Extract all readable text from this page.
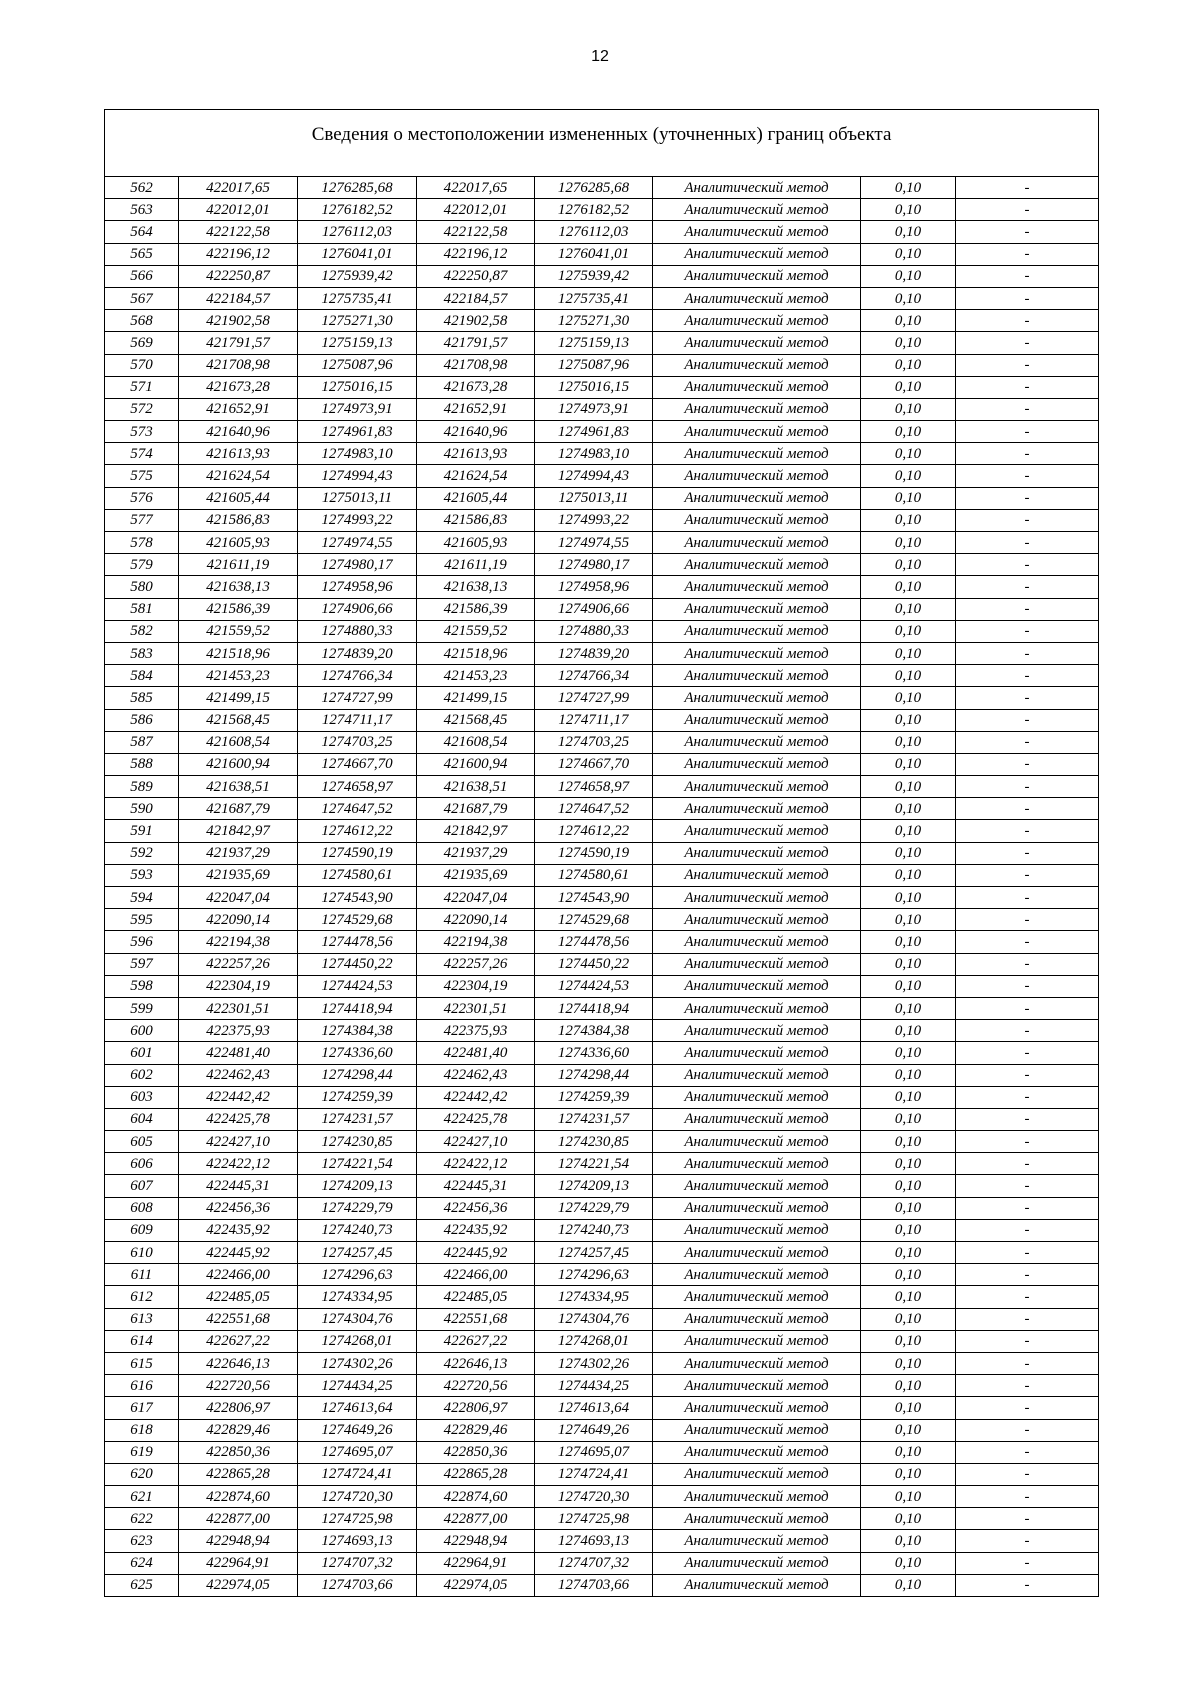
12
Сведения о местоположении измененных (уточненных) границ объекта							
562	422017,65	1276285,68	422017,65	1276285,68	Аналитический метод	0,10	-
563	422012,01	1276182,52	422012,01	1276182,52	Аналитический метод	0,10	-
564	422122,58	1276112,03	422122,58	1276112,03	Аналитический метод	0,10	-
565	422196,12	1276041,01	422196,12	1276041,01	Аналитический метод	0,10	-
566	422250,87	1275939,42	422250,87	1275939,42	Аналитический метод	0,10	-
567	422184,57	1275735,41	422184,57	1275735,41	Аналитический метод	0,10	-
568	421902,58	1275271,30	421902,58	1275271,30	Аналитический метод	0,10	-
569	421791,57	1275159,13	421791,57	1275159,13	Аналитический метод	0,10	-
570	421708,98	1275087,96	421708,98	1275087,96	Аналитический метод	0,10	-
571	421673,28	1275016,15	421673,28	1275016,15	Аналитический метод	0,10	-
572	421652,91	1274973,91	421652,91	1274973,91	Аналитический метод	0,10	-
573	421640,96	1274961,83	421640,96	1274961,83	Аналитический метод	0,10	-
574	421613,93	1274983,10	421613,93	1274983,10	Аналитический метод	0,10	-
575	421624,54	1274994,43	421624,54	1274994,43	Аналитический метод	0,10	-
576	421605,44	1275013,11	421605,44	1275013,11	Аналитический метод	0,10	-
577	421586,83	1274993,22	421586,83	1274993,22	Аналитический метод	0,10	-
578	421605,93	1274974,55	421605,93	1274974,55	Аналитический метод	0,10	-
579	421611,19	1274980,17	421611,19	1274980,17	Аналитический метод	0,10	-
580	421638,13	1274958,96	421638,13	1274958,96	Аналитический метод	0,10	-
581	421586,39	1274906,66	421586,39	1274906,66	Аналитический метод	0,10	-
582	421559,52	1274880,33	421559,52	1274880,33	Аналитический метод	0,10	-
583	421518,96	1274839,20	421518,96	1274839,20	Аналитический метод	0,10	-
584	421453,23	1274766,34	421453,23	1274766,34	Аналитический метод	0,10	-
585	421499,15	1274727,99	421499,15	1274727,99	Аналитический метод	0,10	-
586	421568,45	1274711,17	421568,45	1274711,17	Аналитический метод	0,10	-
587	421608,54	1274703,25	421608,54	1274703,25	Аналитический метод	0,10	-
588	421600,94	1274667,70	421600,94	1274667,70	Аналитический метод	0,10	-
589	421638,51	1274658,97	421638,51	1274658,97	Аналитический метод	0,10	-
590	421687,79	1274647,52	421687,79	1274647,52	Аналитический метод	0,10	-
591	421842,97	1274612,22	421842,97	1274612,22	Аналитический метод	0,10	-
592	421937,29	1274590,19	421937,29	1274590,19	Аналитический метод	0,10	-
593	421935,69	1274580,61	421935,69	1274580,61	Аналитический метод	0,10	-
594	422047,04	1274543,90	422047,04	1274543,90	Аналитический метод	0,10	-
595	422090,14	1274529,68	422090,14	1274529,68	Аналитический метод	0,10	-
596	422194,38	1274478,56	422194,38	1274478,56	Аналитический метод	0,10	-
597	422257,26	1274450,22	422257,26	1274450,22	Аналитический метод	0,10	-
598	422304,19	1274424,53	422304,19	1274424,53	Аналитический метод	0,10	-
599	422301,51	1274418,94	422301,51	1274418,94	Аналитический метод	0,10	-
600	422375,93	1274384,38	422375,93	1274384,38	Аналитический метод	0,10	-
601	422481,40	1274336,60	422481,40	1274336,60	Аналитический метод	0,10	-
602	422462,43	1274298,44	422462,43	1274298,44	Аналитический метод	0,10	-
603	422442,42	1274259,39	422442,42	1274259,39	Аналитический метод	0,10	-
604	422425,78	1274231,57	422425,78	1274231,57	Аналитический метод	0,10	-
605	422427,10	1274230,85	422427,10	1274230,85	Аналитический метод	0,10	-
606	422422,12	1274221,54	422422,12	1274221,54	Аналитический метод	0,10	-
607	422445,31	1274209,13	422445,31	1274209,13	Аналитический метод	0,10	-
608	422456,36	1274229,79	422456,36	1274229,79	Аналитический метод	0,10	-
609	422435,92	1274240,73	422435,92	1274240,73	Аналитический метод	0,10	-
610	422445,92	1274257,45	422445,92	1274257,45	Аналитический метод	0,10	-
611	422466,00	1274296,63	422466,00	1274296,63	Аналитический метод	0,10	-
612	422485,05	1274334,95	422485,05	1274334,95	Аналитический метод	0,10	-
613	422551,68	1274304,76	422551,68	1274304,76	Аналитический метод	0,10	-
614	422627,22	1274268,01	422627,22	1274268,01	Аналитический метод	0,10	-
615	422646,13	1274302,26	422646,13	1274302,26	Аналитический метод	0,10	-
616	422720,56	1274434,25	422720,56	1274434,25	Аналитический метод	0,10	-
617	422806,97	1274613,64	422806,97	1274613,64	Аналитический метод	0,10	-
618	422829,46	1274649,26	422829,46	1274649,26	Аналитический метод	0,10	-
619	422850,36	1274695,07	422850,36	1274695,07	Аналитический метод	0,10	-
620	422865,28	1274724,41	422865,28	1274724,41	Аналитический метод	0,10	-
621	422874,60	1274720,30	422874,60	1274720,30	Аналитический метод	0,10	-
622	422877,00	1274725,98	422877,00	1274725,98	Аналитический метод	0,10	-
623	422948,94	1274693,13	422948,94	1274693,13	Аналитический метод	0,10	-
624	422964,91	1274707,32	422964,91	1274707,32	Аналитический метод	0,10	-
625	422974,05	1274703,66	422974,05	1274703,66	Аналитический метод	0,10	-
